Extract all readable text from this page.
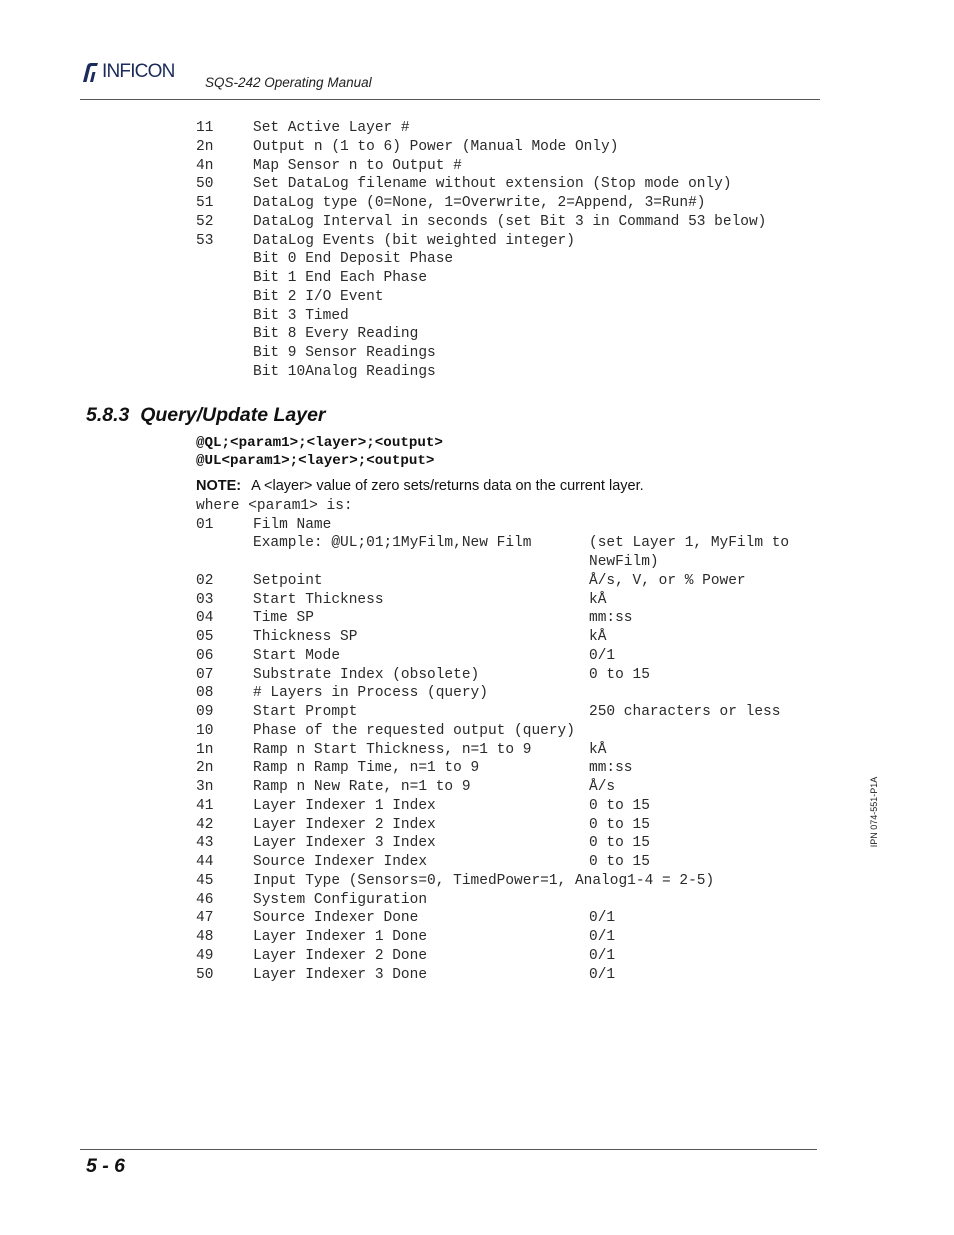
INFICON
SQS-242 Operating Manual
11	Set Active Layer #
2n	Output n (1 to 6) Power (Manual Mode Only)
4n	Map Sensor n to Output #
50	Set DataLog filename without extension (Stop mode only)
51	DataLog type (0=None, 1=Overwrite, 2=Append, 3=Run#)
52	DataLog Interval in seconds (set Bit 3 in Command 53 below)
53	DataLog Events (bit weighted integer)
Bit 0 End Deposit Phase
Bit 1 End Each Phase
Bit 2 I/O Event
Bit 3 Timed
Bit 8 Every Reading
Bit 9 Sensor Readings
Bit 10Analog Readings
5.8.3  Query/Update Layer
@QL;<param1>;<layer>;<output>
@UL<param1>;<layer>;<output>
NOTE: A <layer> value of zero sets/returns data on the current layer.
where <param1> is:
01	Film Name
Example: @UL;01;1MyFilm,New Film	(set Layer 1, MyFilm to
NewFilm)
02	Setpoint	Å/s, V, or % Power
03	Start Thickness	kÅ
04	Time SP	mm:ss
05	Thickness SP	kÅ
06	Start Mode	0/1
07	Substrate Index (obsolete)	0 to 15
08	# Layers in Process (query)
09	Start Prompt	250 characters or less
10	Phase of the requested output (query)
1n	Ramp n Start Thickness, n=1 to 9	kÅ
2n	Ramp n Ramp Time, n=1 to 9	mm:ss
3n	Ramp n New Rate, n=1 to 9	Å/s
41	Layer Indexer 1 Index	0 to 15
42	Layer Indexer 2 Index	0 to 15
43	Layer Indexer 3 Index	0 to 15
44	Source Indexer Index	0 to 15
45	Input Type (Sensors=0, TimedPower=1, Analog1-4 = 2-5)
46	System Configuration
47	Source Indexer Done	0/1
48	Layer Indexer 1 Done	0/1
49	Layer Indexer 2 Done	0/1
50	Layer Indexer 3 Done	0/1
5 - 6
IPN 074-551-P1A
